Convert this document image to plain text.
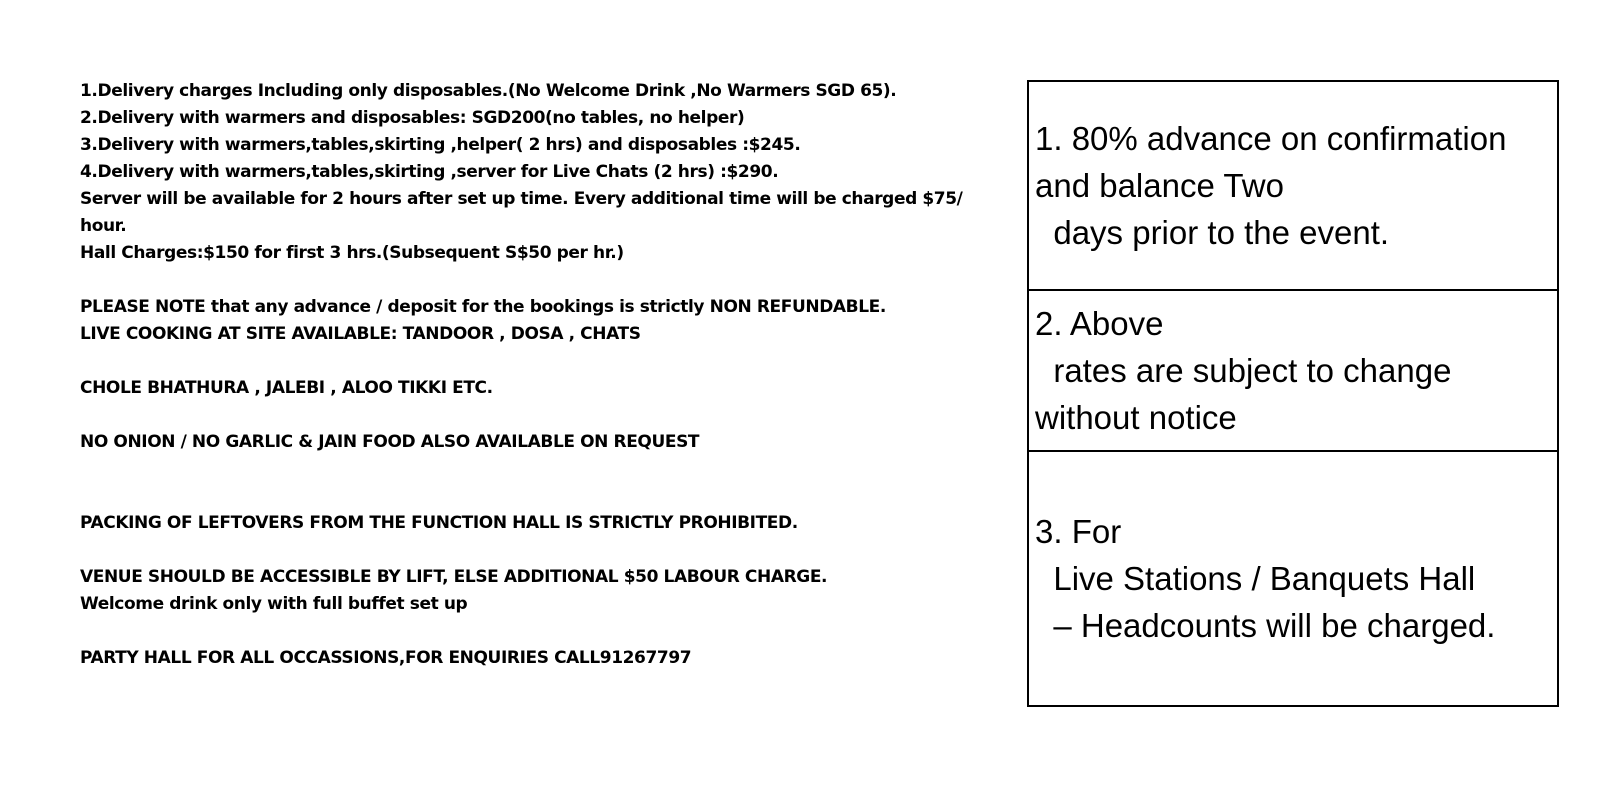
1.Delivery charges Including only disposables.(No Welcome Drink ,No Warmers SGD 65).
2.Delivery with warmers and disposables: SGD200(no tables, no helper)
3.Delivery with warmers,tables,skirting ,helper( 2 hrs) and disposables :$245.
4.Delivery with warmers,tables,skirting ,server for Live Chats (2 hrs) :$290.
Server will be available for 2 hours after set up time. Every additional time will be charged $75/ hour.
Hall Charges:$150 for first 3 hrs.(Subsequent S$50 per hr.)
PLEASE NOTE that any advance / deposit for the bookings is strictly NON REFUNDABLE.
LIVE COOKING AT SITE AVAILABLE: TANDOOR , DOSA , CHATS
CHOLE BHATHURA , JALEBI , ALOO TIKKI ETC.
NO ONION / NO GARLIC & JAIN FOOD ALSO AVAILABLE ON REQUEST
PACKING OF LEFTOVERS FROM THE FUNCTION HALL IS STRICTLY PROHIBITED.
VENUE SHOULD BE ACCESSIBLE BY LIFT, ELSE ADDITIONAL $50 LABOUR CHARGE.
Welcome drink only with full buffet set up
PARTY HALL FOR ALL OCCASSIONS,FOR ENQUIRIES CALL91267797
1. 80% advance on confirmation
and balance Two
days prior to the event.
2. Above
rates are subject to change
without notice
3. For
Live Stations / Banquets Hall
– Headcounts will be charged.
